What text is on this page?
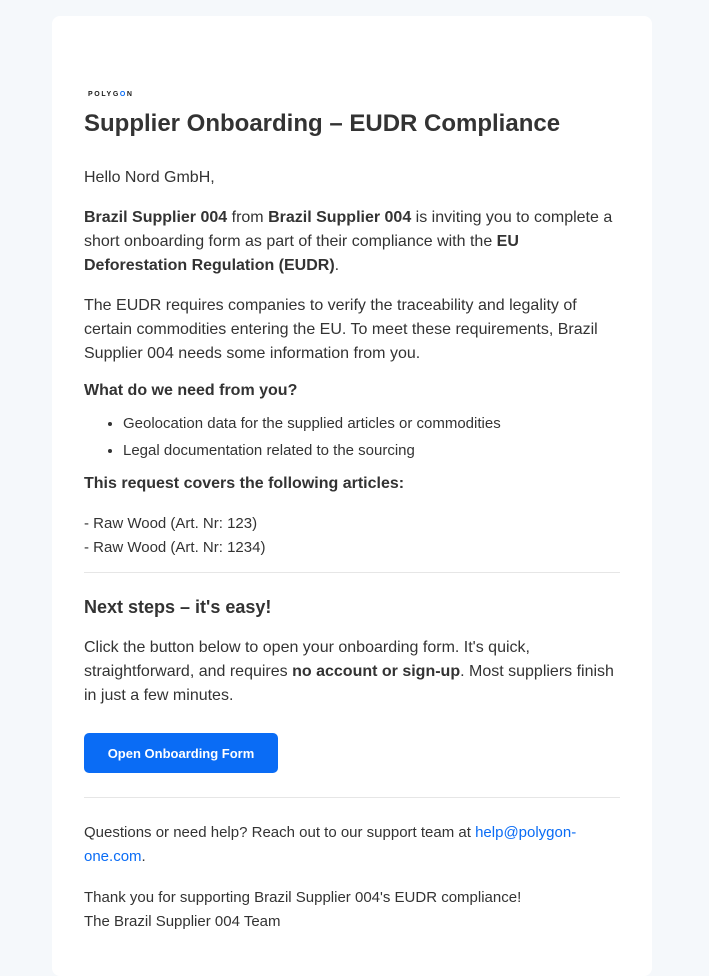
POLYGON
Supplier Onboarding – EUDR Compliance

Hello Nord GmbH,

Brazil Supplier 004 from Brazil Supplier 004 is inviting you to complete a short onboarding form as part of their compliance with the EU Deforestation Regulation (EUDR).

The EUDR requires companies to verify the traceability and legality of certain commodities entering the EU. To meet these requirements, Brazil Supplier 004 needs some information from you.

What do we need from you?

• Geolocation data for the supplied articles or commodities
• Legal documentation related to the sourcing

This request covers the following articles:

- Raw Wood (Art. Nr: 123)
- Raw Wood (Art. Nr: 1234)

Next steps – it's easy!

Click the button below to open your onboarding form. It's quick, straightforward, and requires no account or sign-up. Most suppliers finish in just a few minutes.

Open Onboarding Form

Questions or need help? Reach out to our support team at help@polygon-one.com.

Thank you for supporting Brazil Supplier 004's EUDR compliance!
The Brazil Supplier 004 Team
